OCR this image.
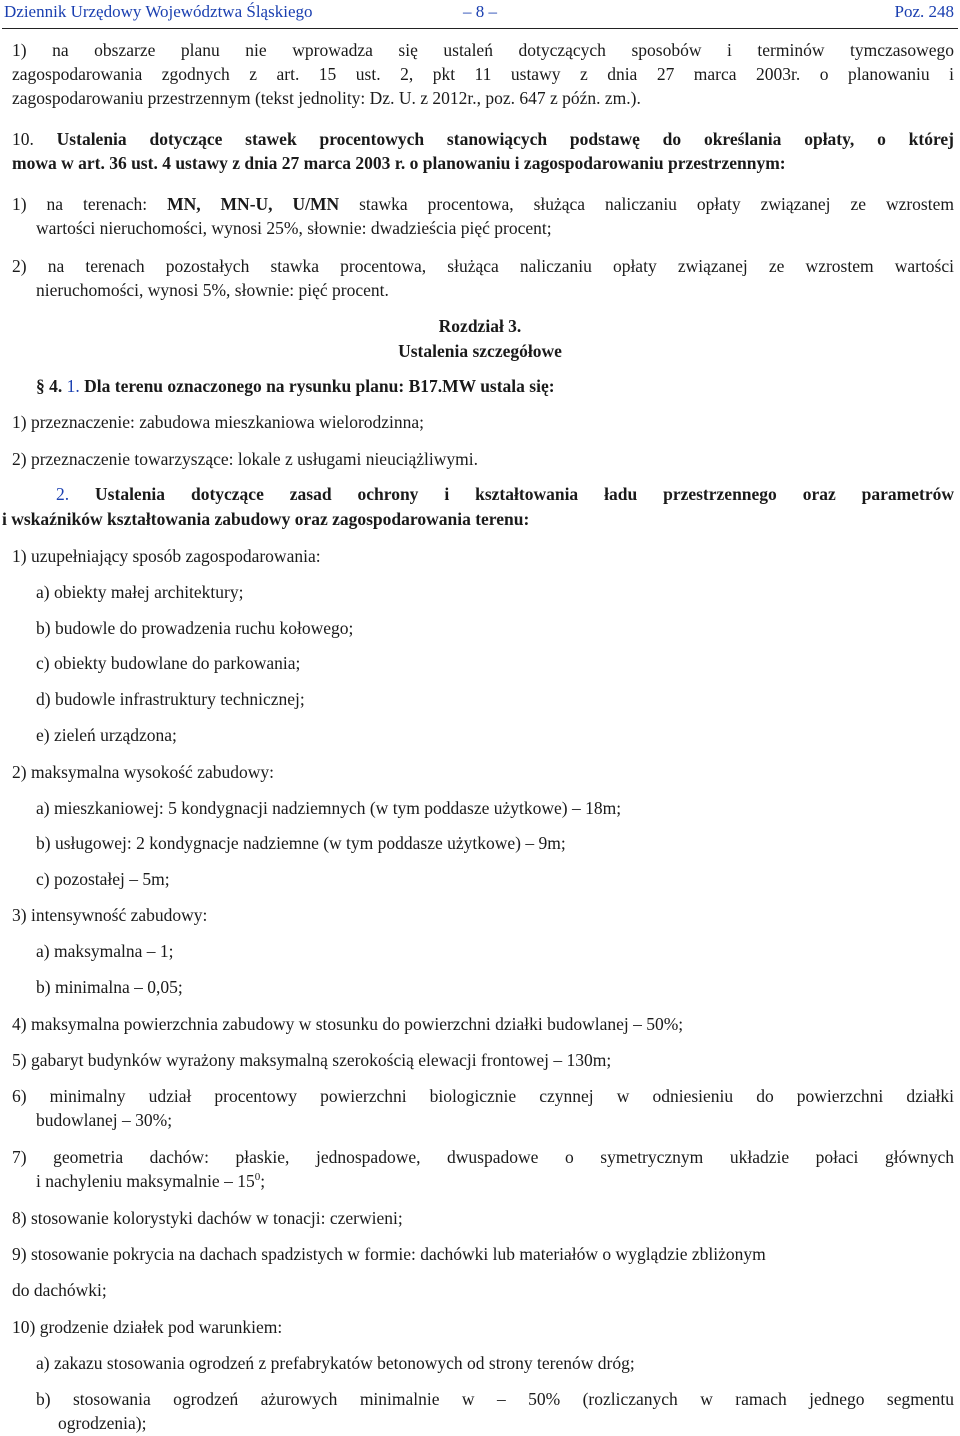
Dziennik Urzędowy Województwa Śląskiego	– 8 –	Poz. 248
1) na obszarze planu nie wprowadza się ustaleń dotyczących sposobów i terminów tymczasowego
zagospodarowania zgodnych z art. 15 ust. 2, pkt 11 ustawy z dnia 27 marca 2003r. o planowaniu i
zagospodarowaniu przestrzennym (tekst jednolity: Dz. U. z 2012r., poz. 647 z późn. zm.).
10. Ustalenia dotyczące stawek procentowych stanowiących podstawę do określania opłaty, o której
mowa w art. 36 ust. 4 ustawy z dnia 27 marca 2003 r. o planowaniu i zagospodarowaniu przestrzennym:
1) na terenach: MN, MN-U, U/MN stawka procentowa, służąca naliczaniu opłaty związanej ze wzrostem
wartości nieruchomości, wynosi 25%, słownie: dwadzieścia pięć procent;
2) na terenach pozostałych stawka procentowa, służąca naliczaniu opłaty związanej ze wzrostem wartości
nieruchomości, wynosi 5%, słownie: pięć procent.
Rozdział 3.
Ustalenia szczegółowe
§ 4. 1. Dla terenu oznaczonego na rysunku planu: B17.MW ustala się:
1) przeznaczenie: zabudowa mieszkaniowa wielorodzinna;
2) przeznaczenie towarzyszące: lokale z usługami nieuciążliwymi.
2. Ustalenia dotyczące zasad ochrony i kształtowania ładu przestrzennego oraz parametrów
i wskaźników kształtowania zabudowy oraz zagospodarowania terenu:
1) uzupełniający sposób zagospodarowania:
a) obiekty małej architektury;
b) budowle do prowadzenia ruchu kołowego;
c) obiekty budowlane do parkowania;
d) budowle infrastruktury technicznej;
e) zieleń urządzona;
2) maksymalna wysokość zabudowy:
a) mieszkaniowej: 5 kondygnacji nadziemnych (w tym poddasze użytkowe) – 18m;
b) usługowej: 2 kondygnacje nadziemne (w tym poddasze użytkowe) – 9m;
c) pozostałej – 5m;
3) intensywność zabudowy:
a) maksymalna – 1;
b) minimalna – 0,05;
4) maksymalna powierzchnia zabudowy w stosunku do powierzchni działki budowlanej – 50%;
5) gabaryt budynków wyrażony maksymalną szerokością elewacji frontowej – 130m;
6) minimalny udział procentowy powierzchni biologicznie czynnej w odniesieniu do powierzchni działki
budowlanej – 30%;
7) geometria dachów: płaskie, jednospadowe, dwuspadowe o symetrycznym układzie połaci głównych
i nachyleniu maksymalnie – $15^0$;
8) stosowanie kolorystyki dachów w tonacji: czerwieni;
9) stosowanie pokrycia na dachach spadzistych w formie: dachówki lub materiałów o wyglądzie zbliżonym
do dachówki;
10) grodzenie działek pod warunkiem:
a) zakazu stosowania ogrodzeń z prefabrykatów betonowych od strony terenów dróg;
b) stosowania ogrodzeń ażurowych minimalnie w – 50% (rozliczanych w ramach jednego segmentu
ogrodzenia);
